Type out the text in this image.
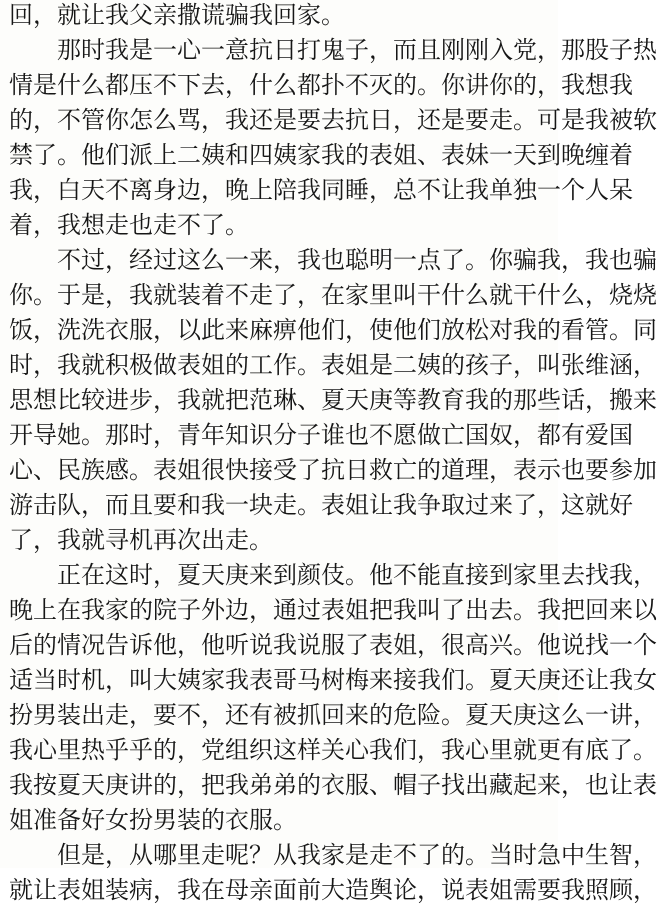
回，就让我父亲撒谎骗我回家。
那时我是一心一意抗日打鬼子，而且刚刚入党，那股子热
情是什么都压不下去，什么都扑不灭的。你讲你的，我想我
的，不管你怎么骂，我还是要去抗日，还是要走。可是我被软
禁了。他们派上二姨和四姨家我的表姐、表妹一天到晚缠着
我，白天不离身边，晚上陪我同睡，总不让我单独一个人呆
着，我想走也走不了。
不过，经过这么一来，我也聪明一点了。你骗我，我也骗
你。于是，我就装着不走了，在家里叫干什么就干什么，烧烧
饭，洗洗衣服，以此来麻痹他们，使他们放松对我的看管。同
时，我就积极做表姐的工作。表姐是二姨的孩子，叫张维涵，
思想比较进步，我就把范琳、夏天庚等教育我的那些话，搬来
开导她。那时，青年知识分子谁也不愿做亡国奴，都有爱国
心、民族感。表姐很快接受了抗日救亡的道理，表示也要参加
游击队，而且要和我一块走。表姐让我争取过来了，这就好
了，我就寻机再次出走。
正在这时，夏天庚来到颜伎。他不能直接到家里去找我，
晚上在我家的院子外边，通过表姐把我叫了出去。我把回来以
后的情况告诉他，他听说我说服了表姐，很高兴。他说找一个
适当时机，叫大姨家我表哥马树梅来接我们。夏天庚还让我女
扮男装出走，要不，还有被抓回来的危险。夏天庚这么一讲，
我心里热乎乎的，党组织这样关心我们，我心里就更有底了。
我按夏天庚讲的，把我弟弟的衣服、帽子找出藏起来，也让表
姐准备好女扮男装的衣服。
但是，从哪里走呢？从我家是走不了的。当时急中生智，
就让表姐装病，我在母亲面前大造舆论，说表姐需要我照顾，
